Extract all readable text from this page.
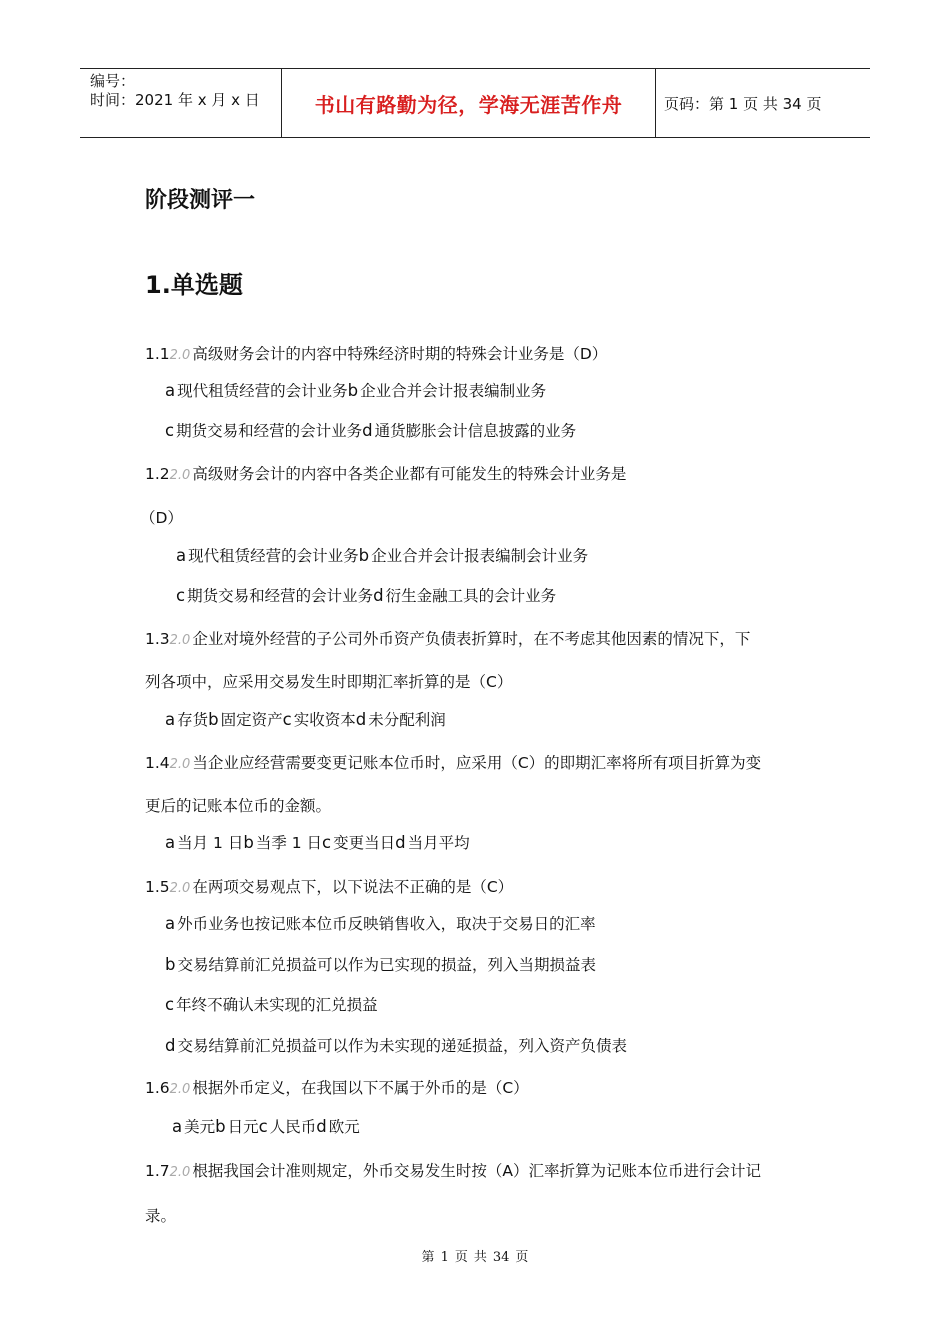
编号：
时间：2021 年 x 月 x 日	书山有路勤为径，学海无涯苦作舟	页码：第 1 页 共 34 页
阶段测评一
1.单选题
1.12.0 高级财务会计的内容中特殊经济时期的特殊会计业务是（D）
a 现代租赁经营的会计业务b 企业合并会计报表编制业务
c 期货交易和经营的会计业务d 通货膨胀会计信息披露的业务
1.22.0 高级财务会计的内容中各类企业都有可能发生的特殊会计业务是
（D）
a 现代租赁经营的会计业务b 企业合并会计报表编制会计业务
c 期货交易和经营的会计业务d 衍生金融工具的会计业务
1.32.0 企业对境外经营的子公司外币资产负债表折算时，在不考虑其他因素的情况下，下
列各项中，应采用交易发生时即期汇率折算的是（C）
a 存货b 固定资产c 实收资本d 未分配利润
1.42.0 当企业应经营需要变更记账本位币时，应采用（C）的即期汇率将所有项目折算为变
更后的记账本位币的金额。
a 当月 1 日b 当季 1 日c 变更当日d 当月平均
1.52.0 在两项交易观点下，以下说法不正确的是（C）
a 外币业务也按记账本位币反映销售收入，取决于交易日的汇率
b 交易结算前汇兑损益可以作为已实现的损益，列入当期损益表
c 年终不确认未实现的汇兑损益
d 交易结算前汇兑损益可以作为未实现的递延损益，列入资产负债表
1.62.0 根据外币定义，在我国以下不属于外币的是（C）
a 美元b 日元c 人民币d 欧元
1.72.0 根据我国会计准则规定，外币交易发生时按（A）汇率折算为记账本位币进行会计记
录。
第 1 页 共 34 页
